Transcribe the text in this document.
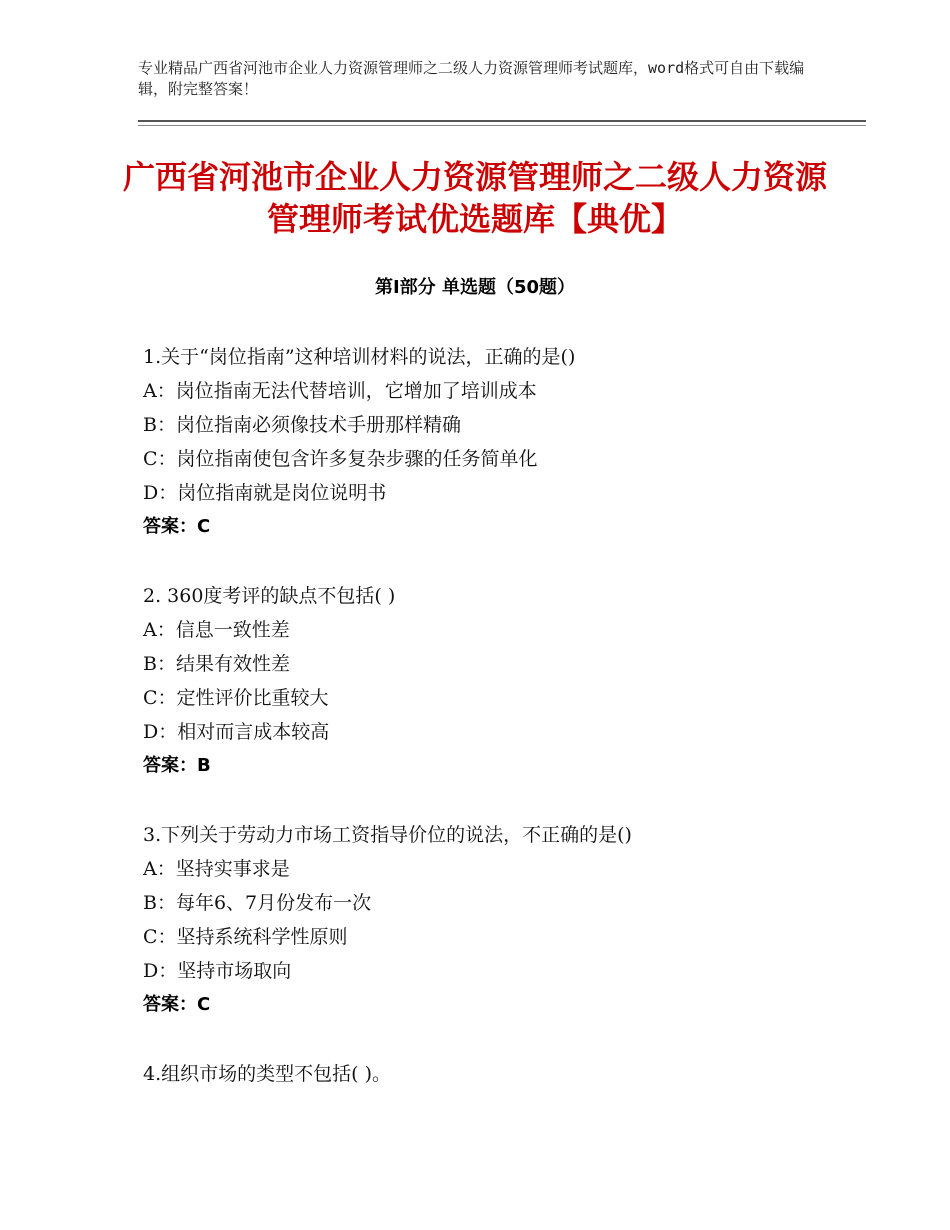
专业精品广西省河池市企业人力资源管理师之二级人力资源管理师考试题库，word格式可自由下载编辑，附完整答案！
广西省河池市企业人力资源管理师之二级人力资源管理师考试优选题库【典优】
第Ⅰ部分 单选题（50题）
1.关于“岗位指南”这种培训材料的说法，正确的是()
A：岗位指南无法代替培训，它增加了培训成本
B：岗位指南必须像技术手册那样精确
C：岗位指南使包含许多复杂步骤的任务简单化
D：岗位指南就是岗位说明书
答案：C
2. 360度考评的缺点不包括( )
A：信息一致性差
B：结果有效性差
C：定性评价比重较大
D：相对而言成本较高
答案：B
3.下列关于劳动力市场工资指导价位的说法，不正确的是()
A：坚持实事求是
B：每年6、7月份发布一次
C：坚持系统科学性原则
D：坚持市场取向
答案：C
4.组织市场的类型不包括( )。
